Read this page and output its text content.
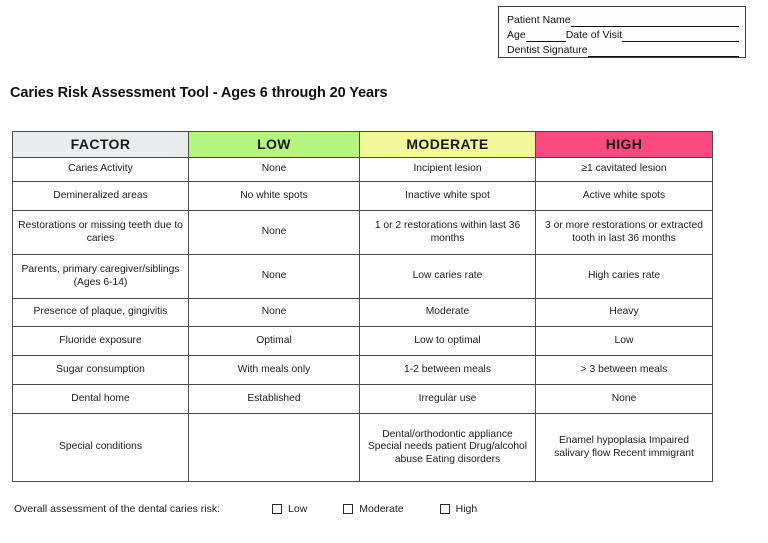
Patient Name
Age	Date of Visit
Dentist Signature
Caries Risk Assessment Tool - Ages 6 through 20 Years
FACTOR	LOW	MODERATE	HIGH
Caries Activity	None	Incipient lesion	≥1 cavitated lesion
Demineralized areas	No white spots	Inactive white spot	Active white spots
Restorations or missing teeth due to caries	None	1 or 2 restorations within last 36 months	3 or more restorations or extracted tooth in last 36 months
Parents, primary caregiver/siblings (Ages 6-14)	None	Low caries rate	High caries rate
Presence of plaque, gingivitis	None	Moderate	Heavy
Fluoride exposure	Optimal	Low to optimal	Low
Sugar consumption	With meals only	1-2 between meals	> 3 between meals
Dental home	Established	Irregular use	None
Special conditions		Dental/orthodontic appliance Special needs patient Drug/alcohol abuse Eating disorders	Enamel hypoplasia Impaired salivary flow Recent immigrant
Overall assessment of the dental caries risk:	Low	Moderate	High
